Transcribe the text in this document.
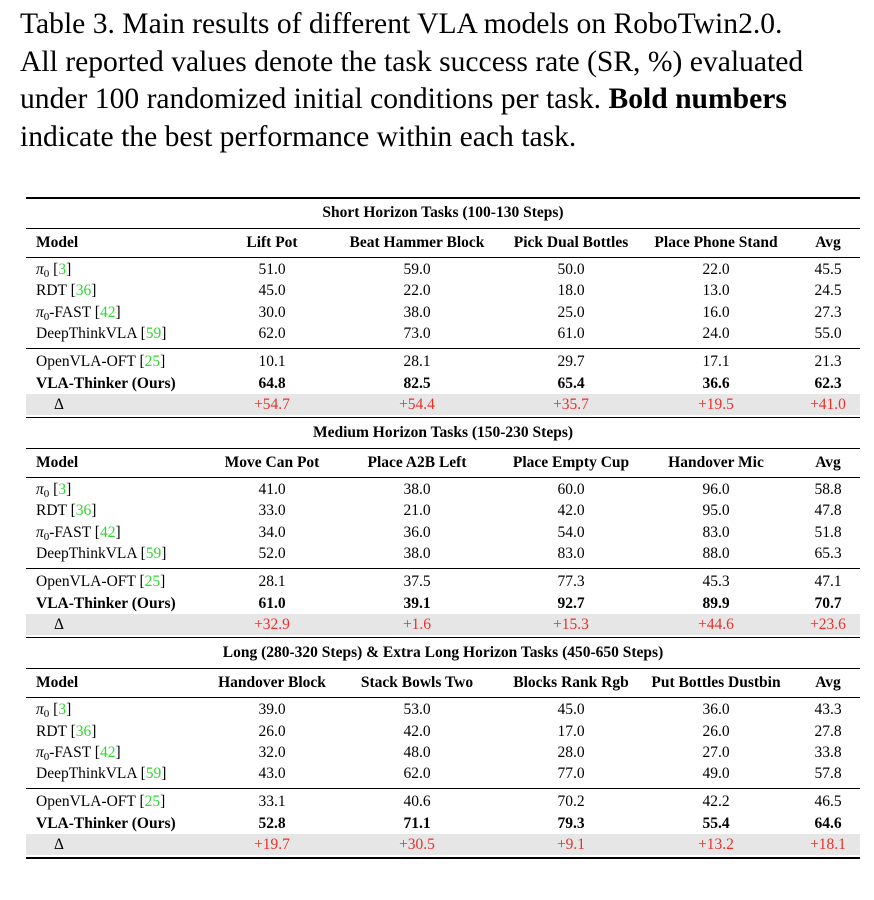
Table 3. Main results of different VLA models on RoboTwin2.0.
All reported values denote the task success rate (SR, %) evaluated
under 100 randomized initial conditions per task. Bold numbers
indicate the best performance within each task.
Short Horizon Tasks (100-130 Steps)
Model	Lift Pot	Beat Hammer Block	Pick Dual Bottles	Place Phone Stand	Avg
π0 [3]	51.0	59.0	50.0	22.0	45.5
RDT [36]	45.0	22.0	18.0	13.0	24.5
π0-FAST [42]	30.0	38.0	25.0	16.0	27.3
DeepThinkVLA [59]	62.0	73.0	61.0	24.0	55.0
OpenVLA-OFT [25]	10.1	28.1	29.7	17.1	21.3
VLA-Thinker (Ours)	64.8	82.5	65.4	36.6	62.3
Δ	+54.7	+54.4	+35.7	+19.5	+41.0
Medium Horizon Tasks (150-230 Steps)
Model	Move Can Pot	Place A2B Left	Place Empty Cup	Handover Mic	Avg
π0 [3]	41.0	38.0	60.0	96.0	58.8
RDT [36]	33.0	21.0	42.0	95.0	47.8
π0-FAST [42]	34.0	36.0	54.0	83.0	51.8
DeepThinkVLA [59]	52.0	38.0	83.0	88.0	65.3
OpenVLA-OFT [25]	28.1	37.5	77.3	45.3	47.1
VLA-Thinker (Ours)	61.0	39.1	92.7	89.9	70.7
Δ	+32.9	+1.6	+15.3	+44.6	+23.6
Long (280-320 Steps) & Extra Long Horizon Tasks (450-650 Steps)
Model	Handover Block	Stack Bowls Two	Blocks Rank Rgb	Put Bottles Dustbin	Avg
π0 [3]	39.0	53.0	45.0	36.0	43.3
RDT [36]	26.0	42.0	17.0	26.0	27.8
π0-FAST [42]	32.0	48.0	28.0	27.0	33.8
DeepThinkVLA [59]	43.0	62.0	77.0	49.0	57.8
OpenVLA-OFT [25]	33.1	40.6	70.2	42.2	46.5
VLA-Thinker (Ours)	52.8	71.1	79.3	55.4	64.6
Δ	+19.7	+30.5	+9.1	+13.2	+18.1
